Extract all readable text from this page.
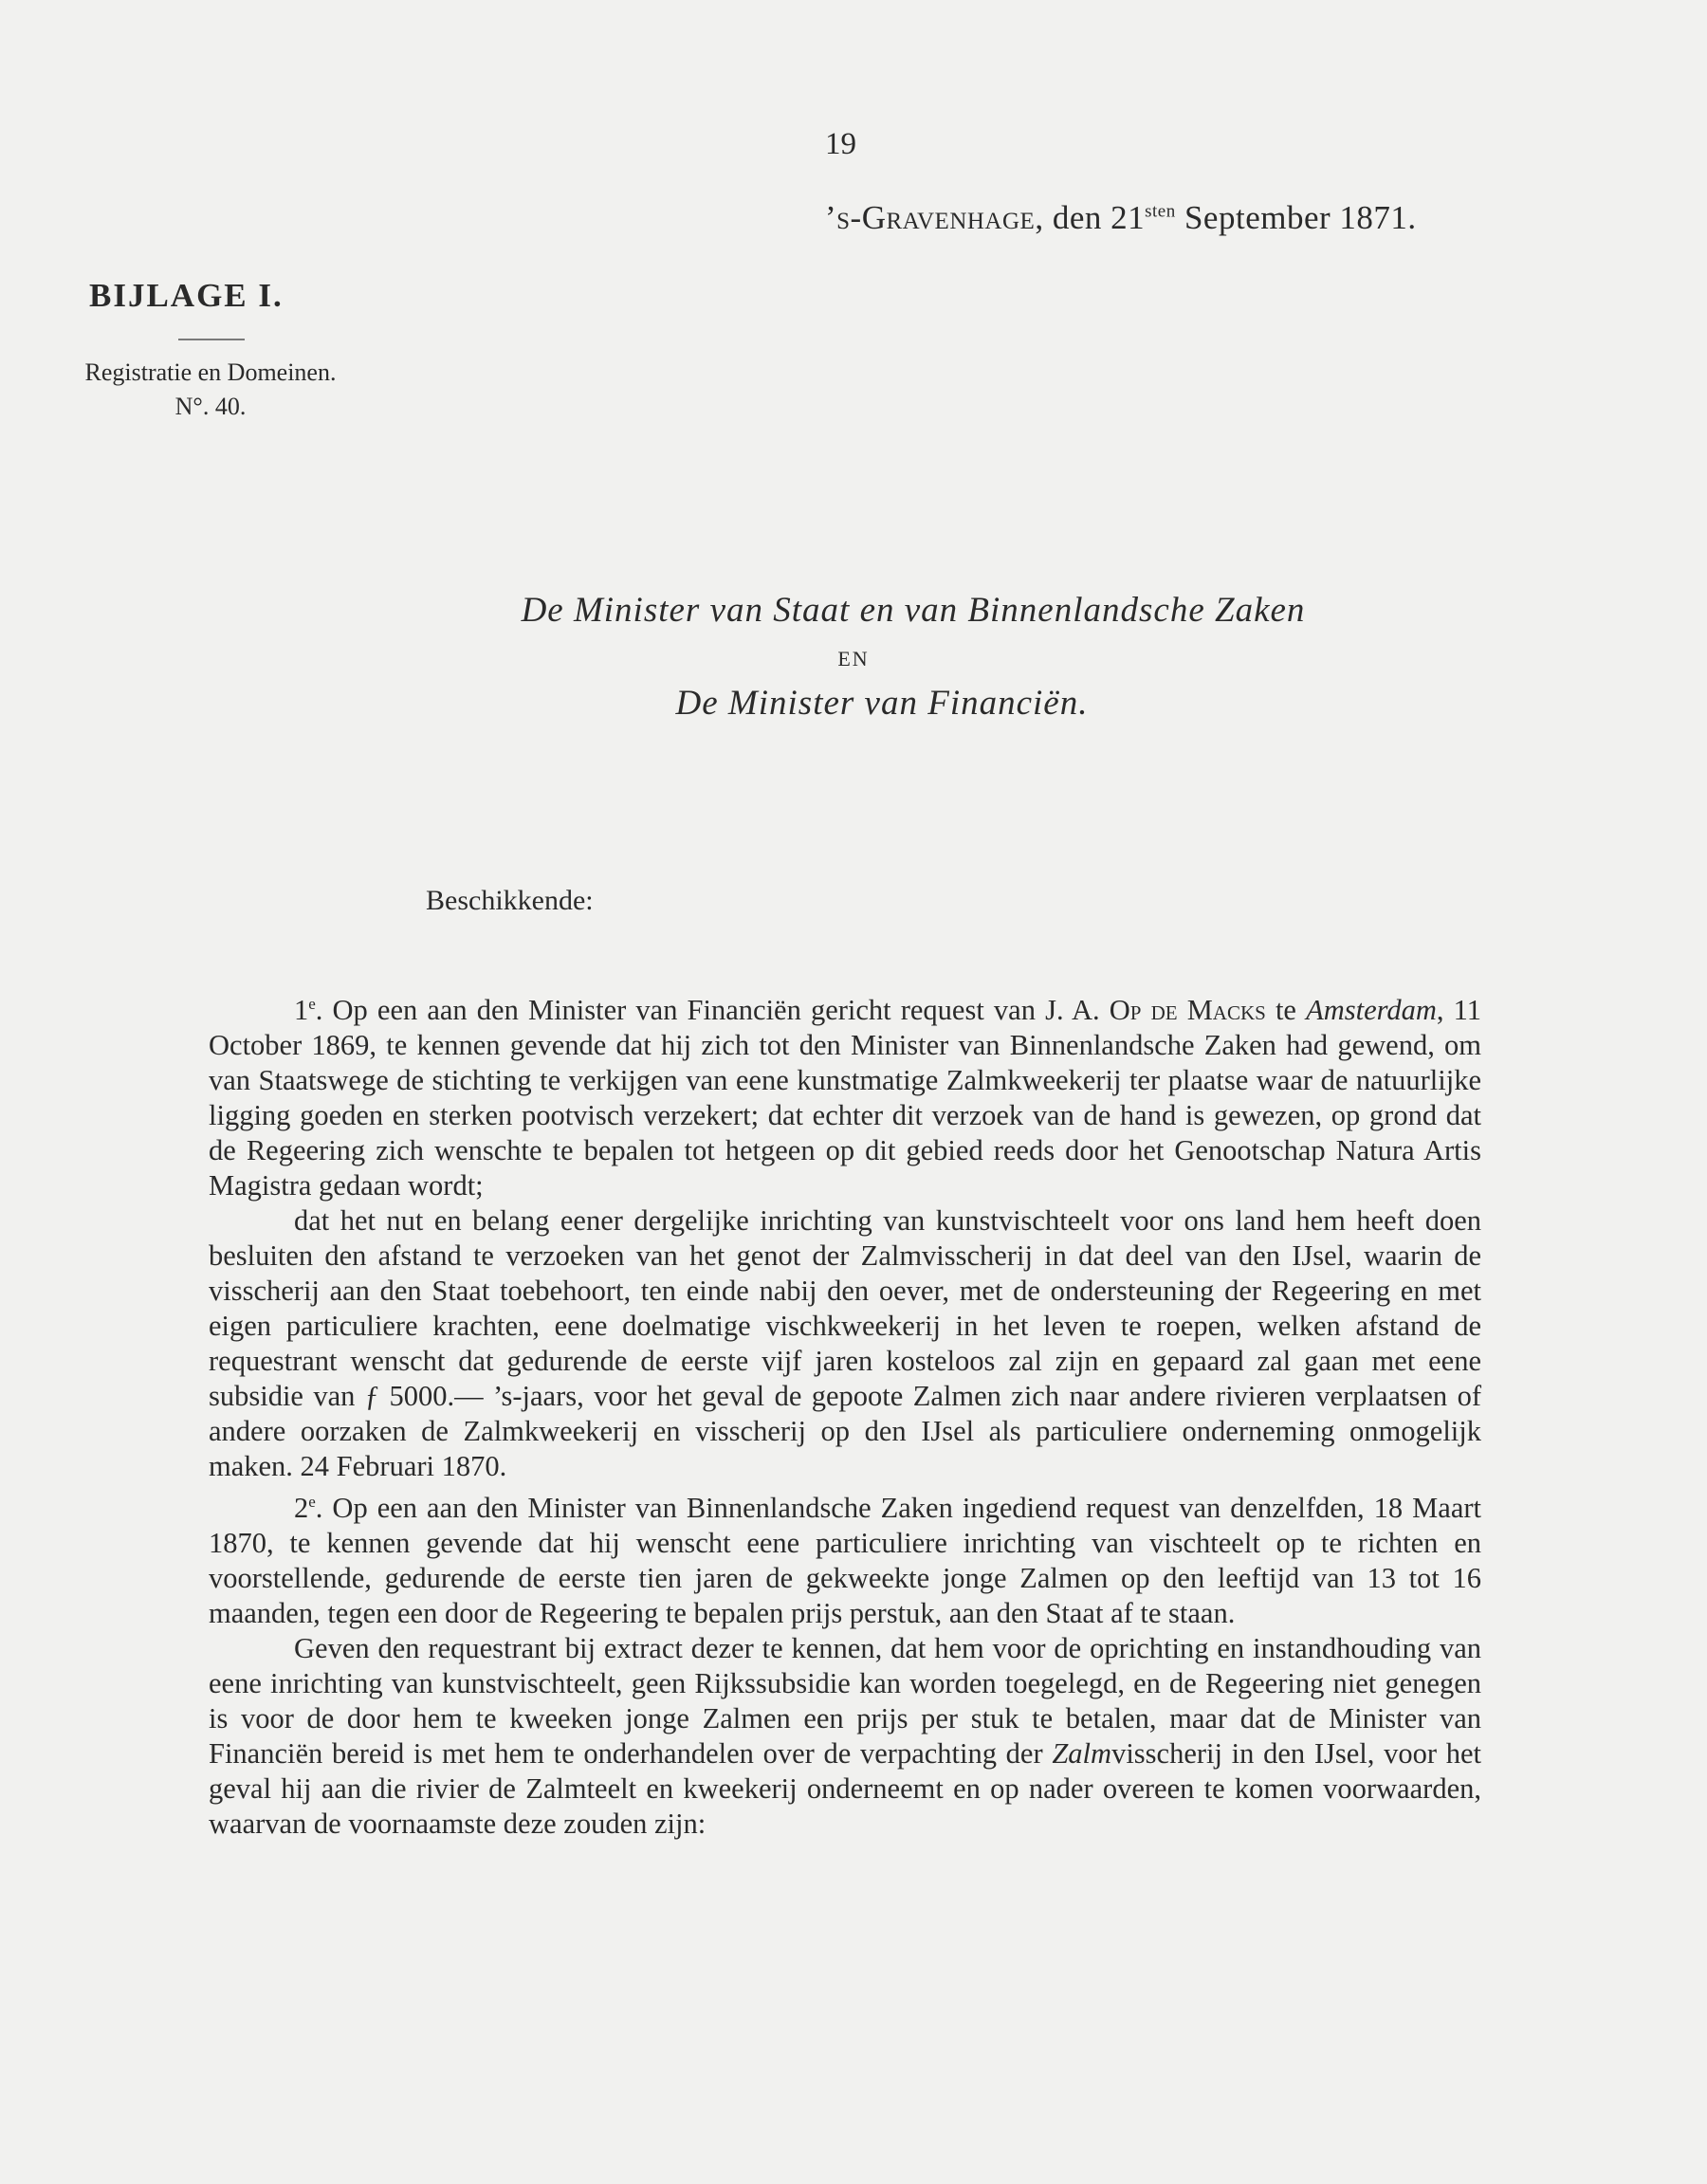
19
’s-Gravenhage, den $21^{sten}$ September 1871.
BIJLAGE I.
Registratie en Domeinen.
N°. 40.
De Minister van Staat en van Binnenlandsche Zaken
EN
De Minister van Financiën.
Beschikkende:

1e. Op een aan den Minister van Financiën gericht request van J. A. Op de Macks te Amsterdam, 11 October 1869, te kennen gevende dat hij zich tot den Minister van Binnenlandsche Zaken had gewend, om van Staatswege de stichting te verkijgen van eene kunstmatige Zalmkweekerij ter plaatse waar de natuurlijke ligging goeden en sterken pootvisch verzekert; dat echter dit verzoek van de hand is gewezen, op grond dat de Regeering zich wenschte te bepalen tot hetgeen op dit gebied reeds door het Genootschap Natura Artis Magistra gedaan wordt;

dat het nut en belang eener dergelijke inrichting van kunstvischteelt voor ons land hem heeft doen besluiten den afstand te verzoeken van het genot der Zalmvisscherij in dat deel van den IJsel, waarin de visscherij aan den Staat toebehoort, ten einde nabij den oever, met de ondersteuning der Regeering en met eigen particuliere krachten, eene doelmatige vischkweekerij in het leven te roepen, welken afstand de requestrant wenscht dat gedurende de eerste vijf jaren kosteloos zal zijn en gepaard zal gaan met eene subsidie van ƒ 5000.— ’s-jaars, voor het geval de gepoote Zalmen zich naar andere rivieren verplaatsen of andere oorzaken de Zalmkweekerij en visscherij op den IJsel als particuliere onderneming onmogelijk maken. 24 Februari 1870.

2e. Op een aan den Minister van Binnenlandsche Zaken ingediend request van denzelfden, 18 Maart 1870, te kennen gevende dat hij wenscht eene particuliere inrichting van vischteelt op te richten en voorstellende, gedurende de eerste tien jaren de gekweekte jonge Zalmen op den leeftijd van 13 tot 16 maanden, tegen een door de Regeering te bepalen prijs perstuk, aan den Staat af te staan.

Geven den requestrant bij extract dezer te kennen, dat hem voor de oprichting en instandhouding van eene inrichting van kunstvischteelt, geen Rijkssubsidie kan worden toegelegd, en de Regeering niet genegen is voor de door hem te kweeken jonge Zalmen een prijs per stuk te betalen, maar dat de Minister van Financiën bereid is met hem te onderhandelen over de verpachting der Zalmvisscherij in den IJsel, voor het geval hij aan die rivier de Zalmteelt en kweekerij onderneemt en op nader overeen te komen voorwaarden, waarvan de voornaamste deze zouden zijn:
